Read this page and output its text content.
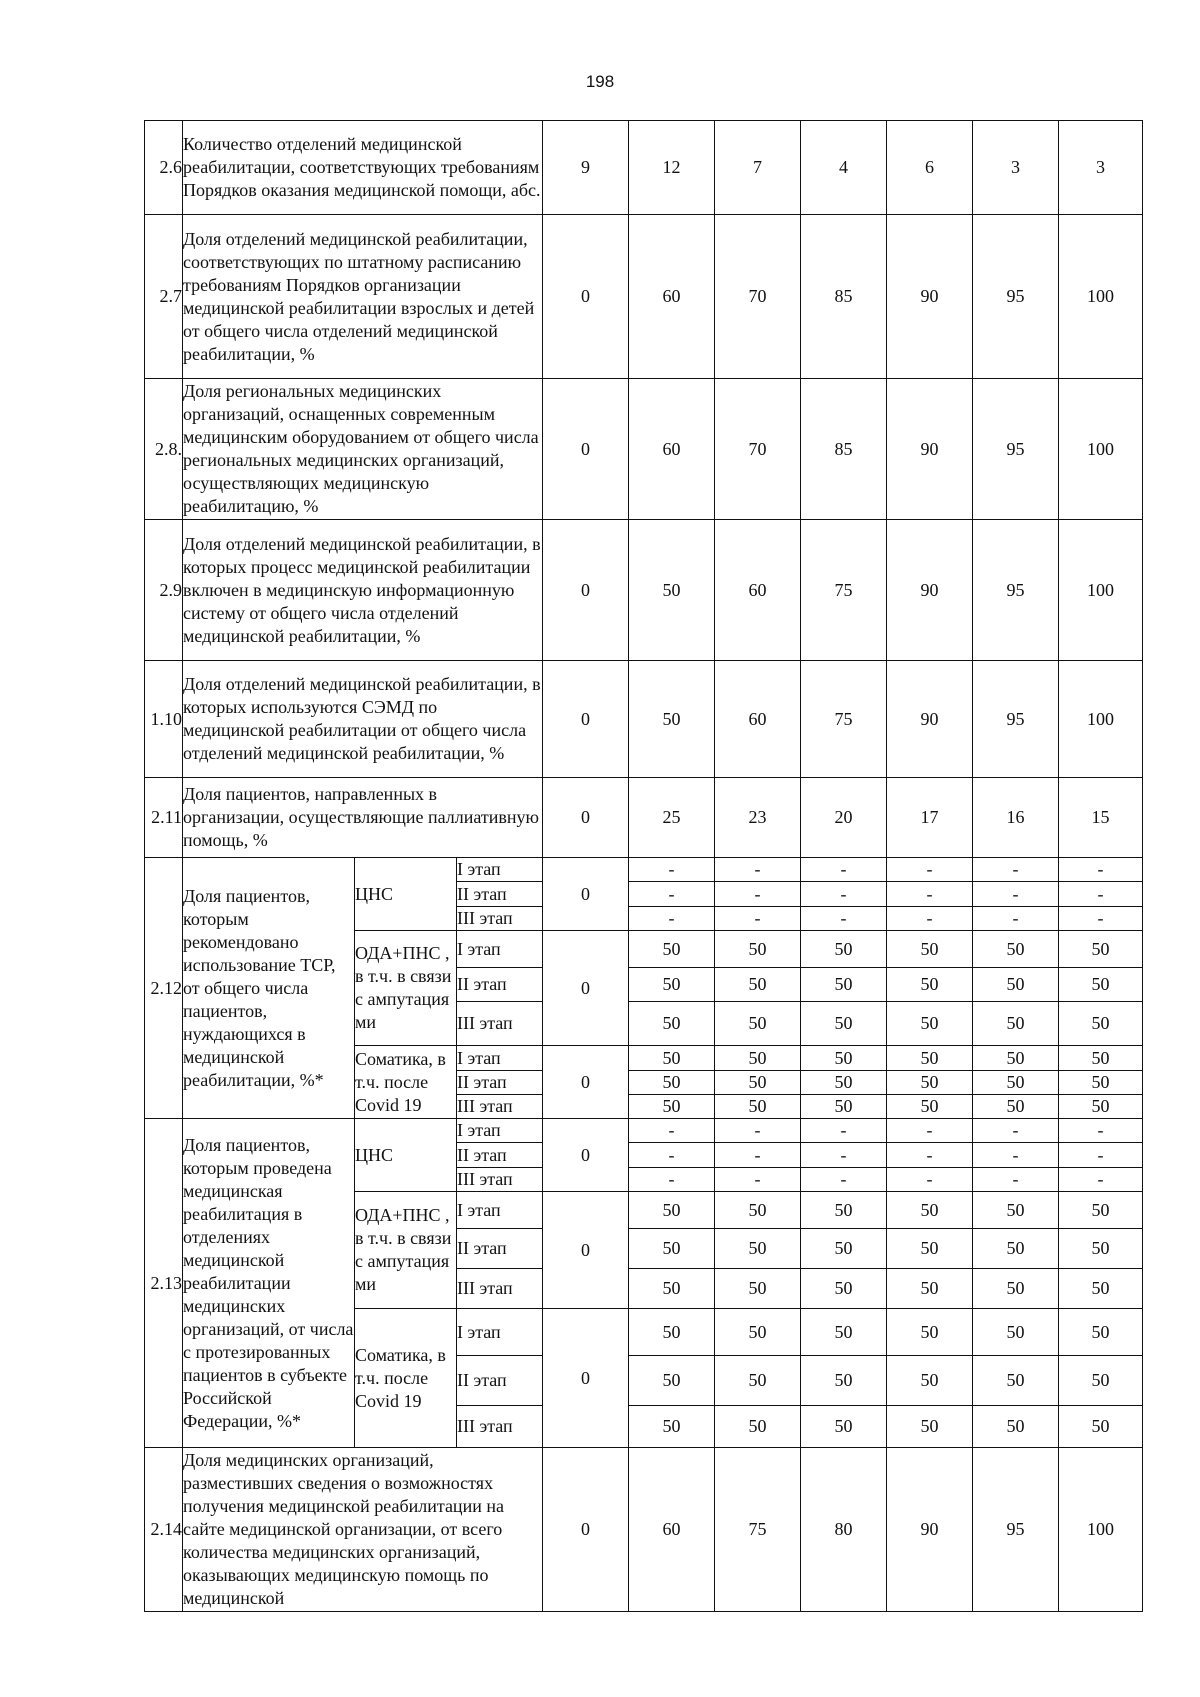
198
2.6	Количество отделений медицинской реабилитации, соответствующих требованиям Порядков оказания медицинской помощи, абс.			9	12	7	4	6	3	3
2.7	Доля отделений медицинской реабилитации, соответствующих по штатному расписанию требованиям Порядков организации медицинской реабилитации взрослых и детей от общего числа отделений медицинской реабилитации, %			0	60	70	85	90	95	100
2.8.	Доля региональных медицинских организаций, оснащенных современным медицинским оборудованием от общего числа региональных медицинских организаций, осуществляющих медицинскую реабилитацию, %			0	60	70	85	90	95	100
2.9	Доля отделений медицинской реабилитации, в которых процесс медицинской реабилитации включен в медицинскую информационную систему от общего числа отделений медицинской реабилитации, %			0	50	60	75	90	95	100
1.10	Доля отделений медицинской реабилитации, в которых используются СЭМД по медицинской реабилитации от общего числа отделений медицинской реабилитации, %			0	50	60	75	90	95	100
2.11	Доля пациентов, направленных в организации, осуществляющие паллиативную помощь, %			0	25	23	20	17	16	15
2.12	Доля пациентов, которым рекомендовано использование ТСР, от общего числа пациентов, нуждающихся в медицинской реабилитации, %*	ЦНС	I этап	0	-	-	-	-	-	-
			II этап		-	-	-	-	-	-
			III этап		-	-	-	-	-	-
		ОДА+ПНС , в т.ч. в связи с ампутация ми	I этап	0	50	50	50	50	50	50
			II этап		50	50	50	50	50	50
			III этап		50	50	50	50	50	50
		Соматика, в т.ч. после Covid 19	I этап	0	50	50	50	50	50	50
			II этап		50	50	50	50	50	50
			III этап		50	50	50	50	50	50
2.13	Доля пациентов, которым проведена медицинская реабилитация в отделениях медицинской реабилитации медицинских организаций, от числа с протезированных пациентов в субъекте Российской Федерации, %*	ЦНС	I этап	0	-	-	-	-	-	-
			II этап		-	-	-	-	-	-
			III этап		-	-	-	-	-	-
		ОДА+ПНС , в т.ч. в связи с ампутация ми	I этап	0	50	50	50	50	50	50
			II этап		50	50	50	50	50	50
			III этап		50	50	50	50	50	50
		Соматика, в т.ч. после Covid 19	I этап	0	50	50	50	50	50	50
			II этап		50	50	50	50	50	50
			III этап		50	50	50	50	50	50
2.14	Доля медицинских организаций, разместивших сведения о возможностях получения медицинской реабилитации на сайте медицинской организации, от всего количества медицинских организаций, оказывающих медицинскую помощь по медицинской			0	60	75	80	90	95	100
